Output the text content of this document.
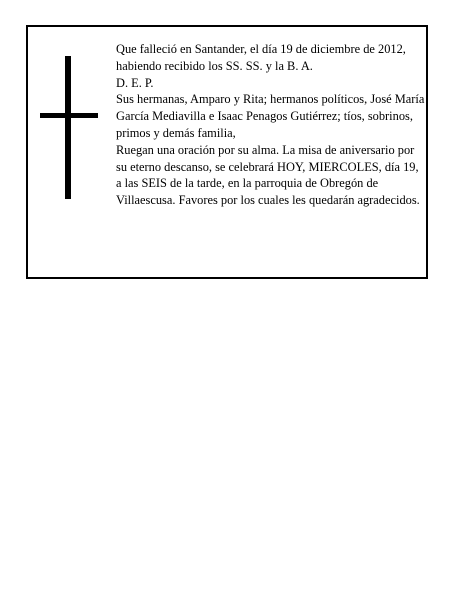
Que falleció en Santander, el día 19 de diciembre de 2012, habiendo recibido los SS. SS. y la B. A.

D. E. P.

Sus hermanas, Amparo y Rita; hermanos políticos, José María García Mediavilla e Isaac Penagos Gutiérrez; tíos, sobrinos, primos y demás familia,

Ruegan una oración por su alma. La misa de aniversario por su eterno descanso, se celebrará HOY, MIERCOLES, día 19, a las SEIS de la tarde, en la parroquia de Obregón de Villaescusa. Favores por los cuales les quedarán agradecidos.
